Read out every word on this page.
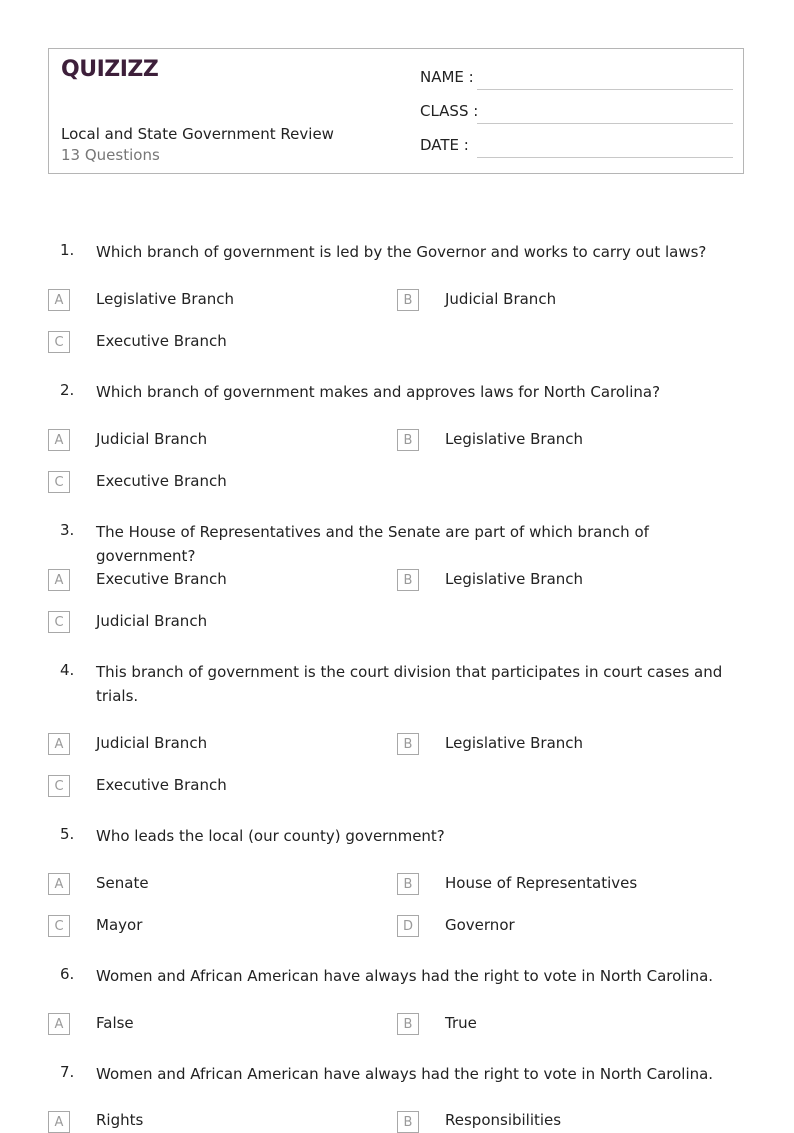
QUIZIZZ
Local and State Government Review
13 Questions
NAME :
CLASS :
DATE :
1. Which branch of government is led by the Governor and works to carry out laws?
A	Legislative Branch	B	Judicial Branch
C	Executive Branch
2. Which branch of government makes and approves laws for North Carolina?
A	Judicial Branch	B	Legislative Branch
C	Executive Branch
3. The House of Representatives and the Senate are part of which branch of government?
A	Executive Branch	B	Legislative Branch
C	Judicial Branch
4. This branch of government is the court division that participates in court cases and trials.
A	Judicial Branch	B	Legislative Branch
C	Executive Branch
5. Who leads the local (our county) government?
A	Senate	B	House of Representatives
C	Mayor	D	Governor
6. Women and African American have always had the right to vote in North Carolina.
A	False	B	True
7. Women and African American have always had the right to vote in North Carolina.
A	Rights	B	Responsibilities
